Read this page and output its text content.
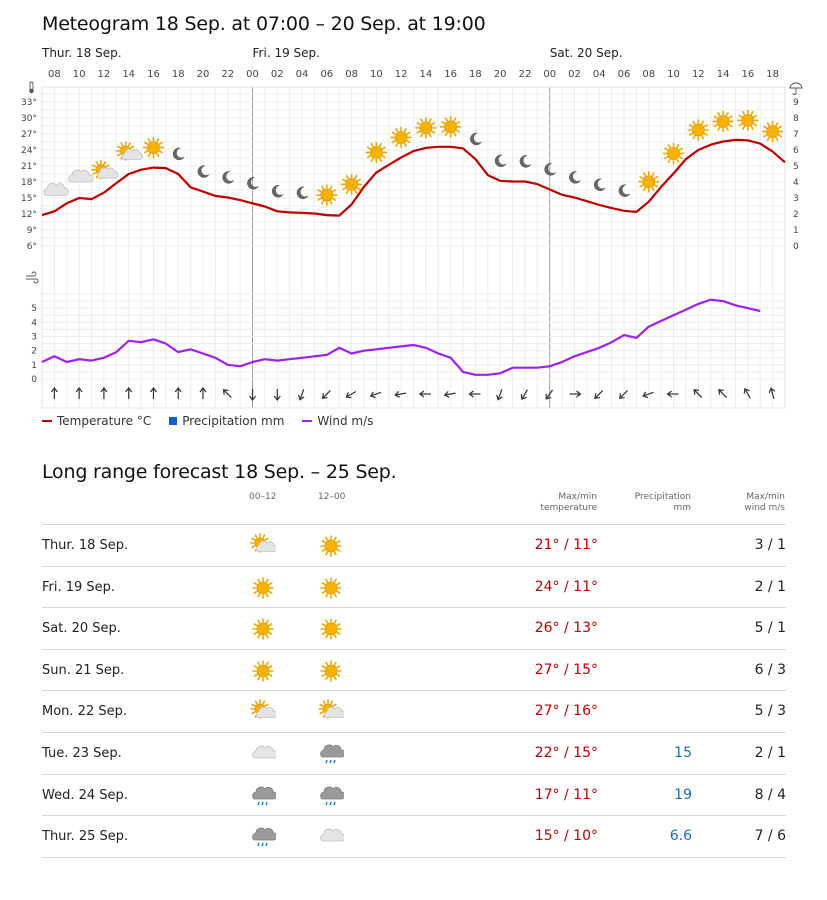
Meteogram 18 Sep. at 07:00 – 20 Sep. at 19:00
Thur. 18 Sep.	Fri. 19 Sep.	Sat. 20 Sep.
08 10 12 14 16 18 20 22 00 02 04 06 08 10 12 14 16 18 20 22 00 02 04 06 08 10 12 14 16 18
33°
30°
27°
24°
21°
18°
15°
12°
9°
6°
9
8
7
6
5
4
3
2
1
0
5
4
3
2
1
0
Temperature °C	Precipitation mm	Wind m/s
Long range forecast 18 Sep. – 25 Sep.
00–12	12–00	Max/min
temperature
Precipitation
mm
Max/min
wind m/s
Thur. 18 Sep.	21° / 11°	3 / 1
Fri. 19 Sep.	24° / 11°	2 / 1
Sat. 20 Sep.	26° / 13°	5 / 1
Sun. 21 Sep.	27° / 15°	6 / 3
Mon. 22 Sep.	27° / 16°	5 / 3
Tue. 23 Sep.	22° / 15°	15	2 / 1
Wed. 24 Sep.	17° / 11°	19	8 / 4
Thur. 25 Sep.	15° / 10°	6.6	7 / 6
